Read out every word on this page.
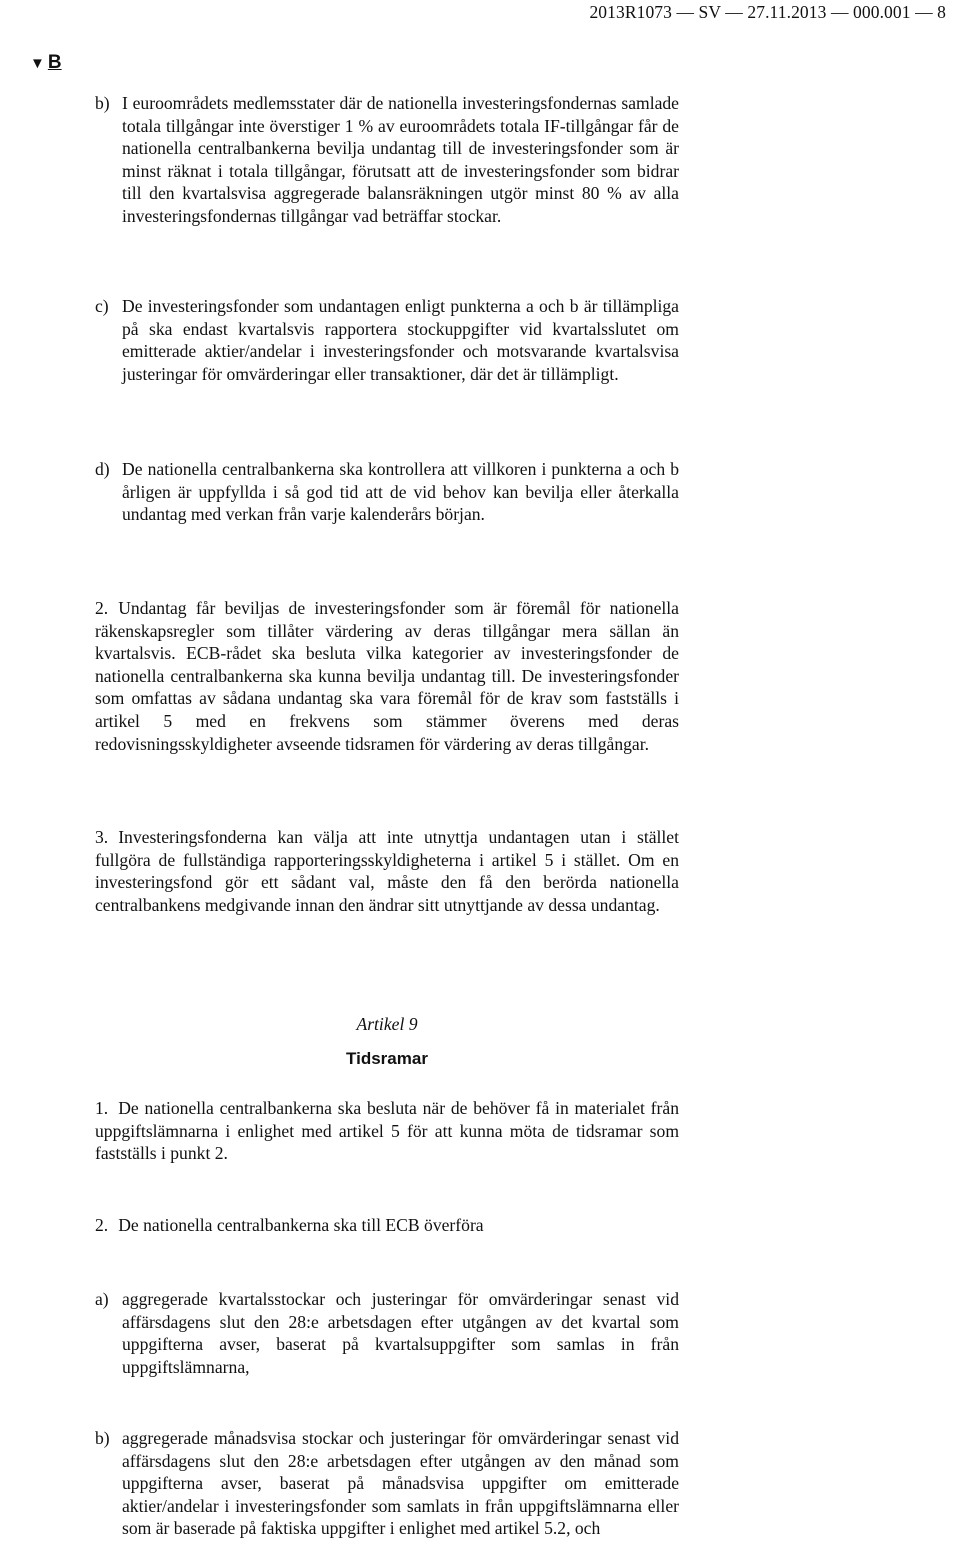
2013R1073 — SV — 27.11.2013 — 000.001 — 8
▼ B
b) I euroområdets medlemsstater där de nationella investeringsfondernas samlade totala tillgångar inte överstiger 1 % av euroområdets totala IF-tillgångar får de nationella centralbankerna bevilja undantag till de investeringsfonder som är minst räknat i totala tillgångar, förutsatt att de investeringsfonder som bidrar till den kvartalsvisa aggregerade balansräkningen utgör minst 80 % av alla investeringsfondernas tillgångar vad beträffar stockar.
c) De investeringsfonder som undantagen enligt punkterna a och b är tillämpliga på ska endast kvartalsvis rapportera stockuppgifter vid kvartalsslutet om emitterade aktier/andelar i investeringsfonder och motsvarande kvartalsvisa justeringar för omvärderingar eller transaktioner, där det är tillämpligt.
d) De nationella centralbankerna ska kontrollera att villkoren i punkterna a och b årligen är uppfyllda i så god tid att de vid behov kan bevilja eller återkalla undantag med verkan från varje kalenderårs början.
2. Undantag får beviljas de investeringsfonder som är föremål för nationella räkenskapsregler som tillåter värdering av deras tillgångar mera sällan än kvartalsvis. ECB-rådet ska besluta vilka kategorier av investeringsfonder de nationella centralbankerna ska kunna bevilja undantag till. De investeringsfonder som omfattas av sådana undantag ska vara föremål för de krav som fastställs i artikel 5 med en frekvens som stämmer överens med deras redovisningsskyldigheter avseende tidsramen för värdering av deras tillgångar.
3. Investeringsfonderna kan välja att inte utnyttja undantagen utan i stället fullgöra de fullständiga rapporteringsskyldigheterna i artikel 5 i stället. Om en investeringsfond gör ett sådant val, måste den få den berörda nationella centralbankens medgivande innan den ändrar sitt utnyttjande av dessa undantag.
Artikel 9
Tidsramar
1. De nationella centralbankerna ska besluta när de behöver få in materialet från uppgiftslämnarna i enlighet med artikel 5 för att kunna möta de tidsramar som fastställs i punkt 2.
2. De nationella centralbankerna ska till ECB överföra
a) aggregerade kvartalsstockar och justeringar för omvärderingar senast vid affärsdagens slut den 28:e arbetsdagen efter utgången av det kvartal som uppgifterna avser, baserat på kvartalsuppgifter som samlas in från uppgiftslämnarna,
b) aggregerade månadsvisa stockar och justeringar för omvärderingar senast vid affärsdagens slut den 28:e arbetsdagen efter utgången av den månad som uppgifterna avser, baserat på månadsvisa uppgifter om emitterade aktier/andelar i investeringsfonder som samlats in från uppgiftslämnarna eller som är baserade på faktiska uppgifter i enlighet med artikel 5.2, och
